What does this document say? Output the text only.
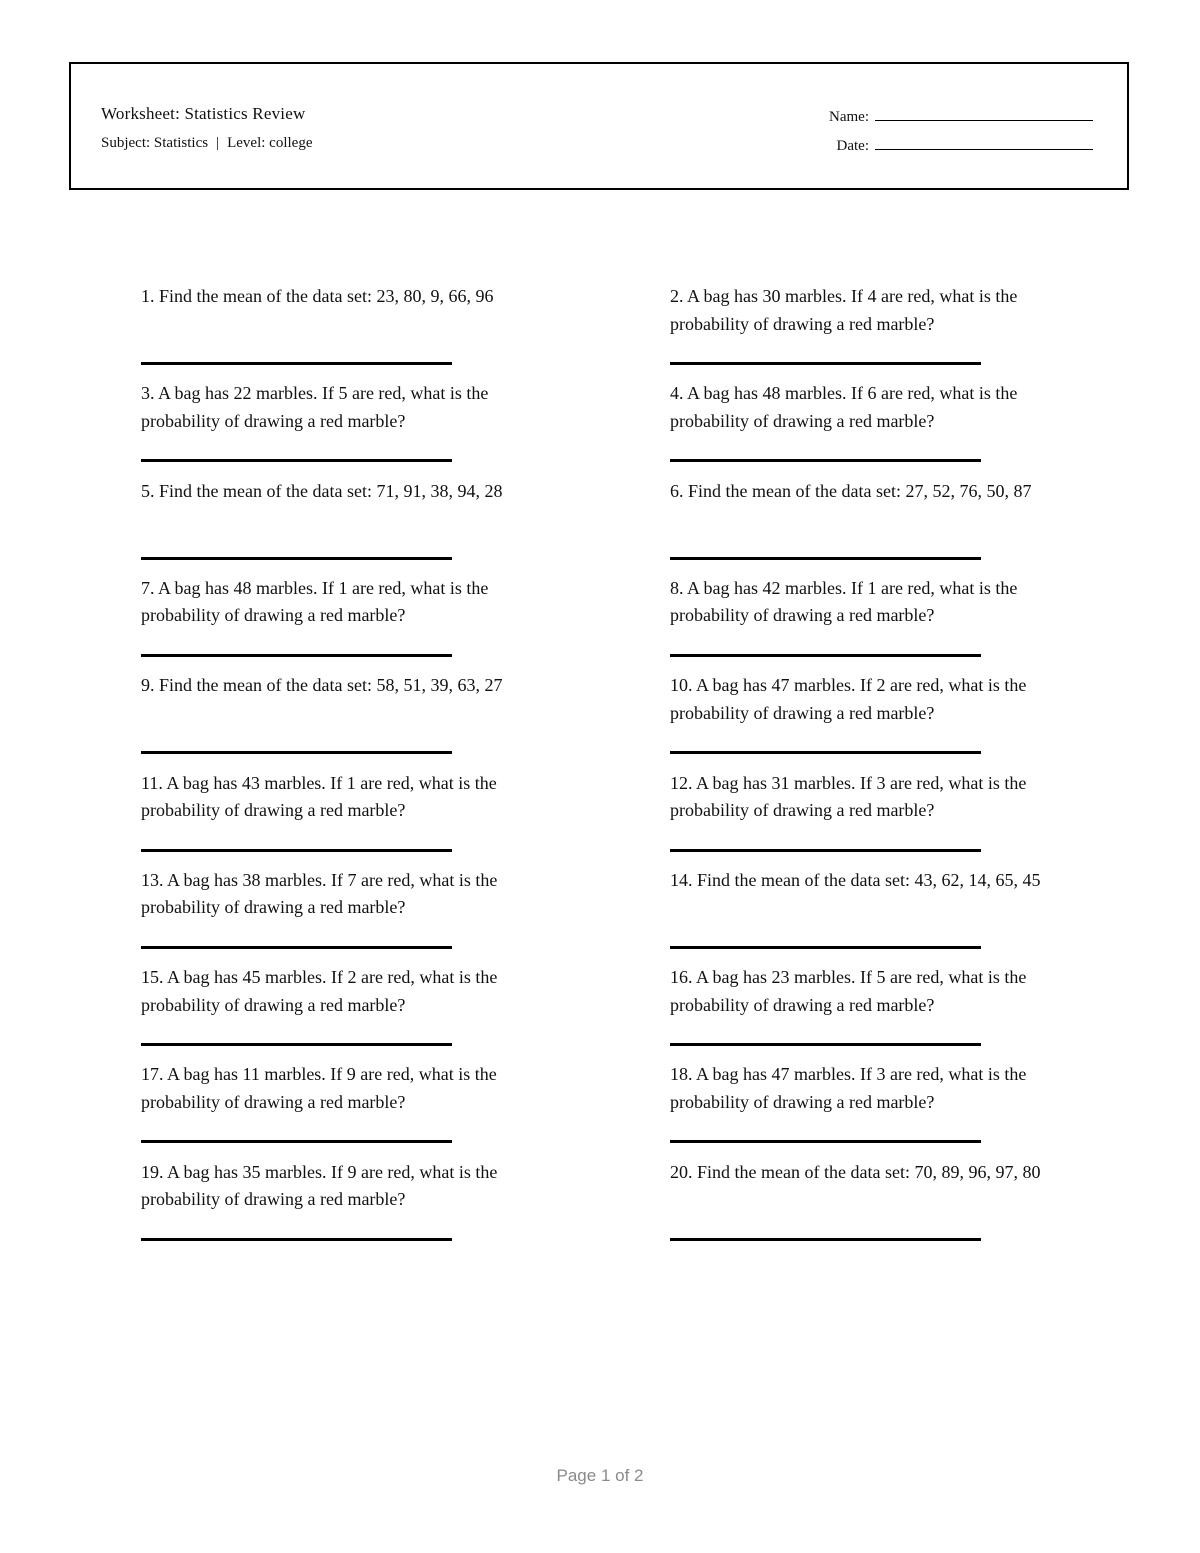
Worksheet: Statistics Review
Subject: Statistics | Level: college
Name:
Date:
1. Find the mean of the data set: 23, 80, 9, 66, 96	2. A bag has 30 marbles. If 4 are red, what is the probability of drawing a red marble?
3. A bag has 22 marbles. If 5 are red, what is the probability of drawing a red marble?
4. A bag has 48 marbles. If 6 are red, what is the probability of drawing a red marble?
5. Find the mean of the data set: 71, 91, 38, 94, 28	6. Find the mean of the data set: 27, 52, 76, 50, 87
7. A bag has 48 marbles. If 1 are red, what is the probability of drawing a red marble?
8. A bag has 42 marbles. If 1 are red, what is the probability of drawing a red marble?
9. Find the mean of the data set: 58, 51, 39, 63, 27	10. A bag has 47 marbles. If 2 are red, what is the probability of drawing a red marble?
11. A bag has 43 marbles. If 1 are red, what is the probability of drawing a red marble?
12. A bag has 31 marbles. If 3 are red, what is the probability of drawing a red marble?
13. A bag has 38 marbles. If 7 are red, what is the probability of drawing a red marble?
14. Find the mean of the data set: 43, 62, 14, 65, 45
15. A bag has 45 marbles. If 2 are red, what is the probability of drawing a red marble?
16. A bag has 23 marbles. If 5 are red, what is the probability of drawing a red marble?
17. A bag has 11 marbles. If 9 are red, what is the probability of drawing a red marble?
18. A bag has 47 marbles. If 3 are red, what is the probability of drawing a red marble?
19. A bag has 35 marbles. If 9 are red, what is the probability of drawing a red marble?
20. Find the mean of the data set: 70, 89, 96, 97, 80
Page 1 of 2
